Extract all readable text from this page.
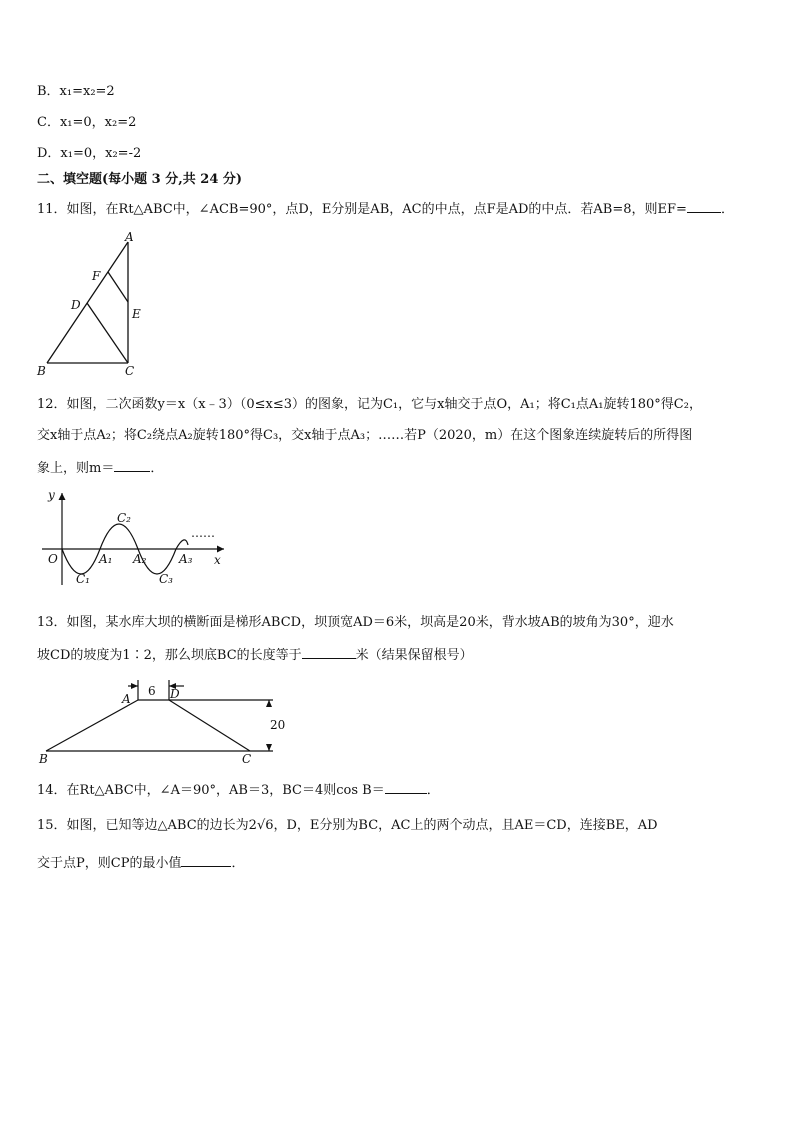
B．x₁=x₂=2
C．x₁=0，x₂=2
D．x₁=0，x₂=-2
二、填空题(每小题 3 分,共 24 分)
11．如图，在Rt△ABC中，∠ACB=90°，点D，E分别是AB，AC的中点，点F是AD的中点．若AB=8，则EF=	．
A
F
D
E
B	C
12．如图，二次函数y＝x（x﹣3）（0≤x≤3）的图象，记为C₁，它与x轴交于点O，A₁；将C₁点A₁旋转180°得C₂，
交x轴于点A₂；将C₂绕点A₂旋转180°得C₃，交x轴于点A₃；……若P（2020，m）在这个图象连续旋转后的所得图
象上，则m＝	．
y
x
O
C₁
C₂
C₃
A₁ A₂	A₃
……
13．如图，某水库大坝的横断面是梯形ABCD，坝顶宽AD＝6米，坝高是20米，背水坡AB的坡角为30°，迎水
坡CD的坡度为1∶2，那么坝底BC的长度等于	米（结果保留根号）
6
20
A	D
B	C
14．在Rt△ABC中，∠A＝90°，AB＝3，BC＝4则cos B＝	．
15．如图，已知等边△ABC的边长为2√6，D，E分别为BC，AC上的两个动点，且AE＝CD，连接BE，AD
交于点P，则CP的最小值	．
